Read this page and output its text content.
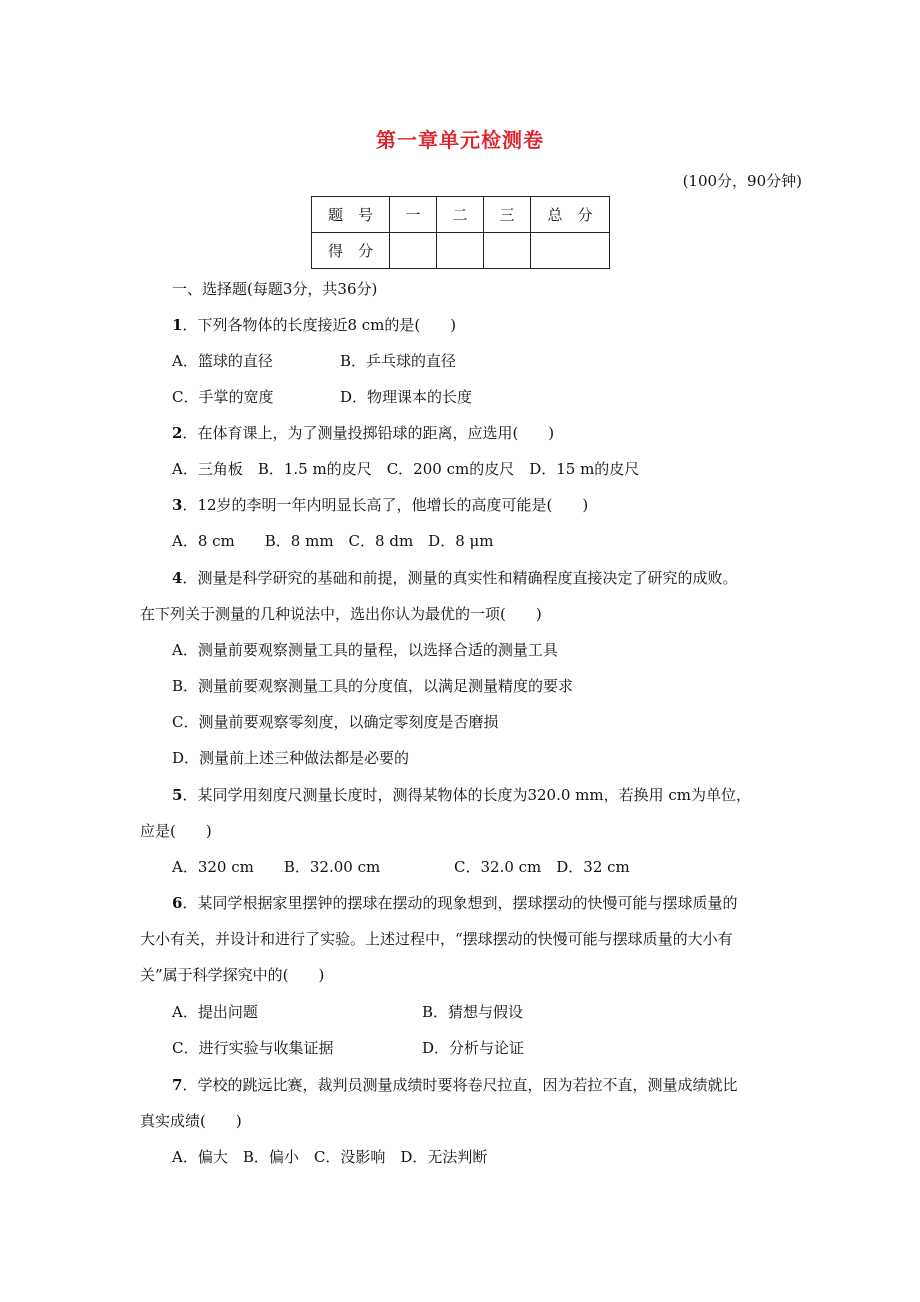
第一章单元检测卷
(100分，90分钟)
题　号	一	二	三	总　分
得　分				
一、选择题(每题3分，共36分)
1．下列各物体的长度接近8 cm的是(　　)
A．篮球的直径	B．乒乓球的直径
C．手掌的宽度	D．物理课本的长度
2．在体育课上，为了测量投掷铅球的距离，应选用(　　)
A．三角板　B．1.5 m的皮尺　C．200 cm的皮尺　D．15 m的皮尺
3．12岁的李明一年内明显长高了，他增长的高度可能是(　　)
A．8 cm　　B．8 mm　C．8 dm　D．8 μm
4．测量是科学研究的基础和前提，测量的真实性和精确程度直接决定了研究的成败。
在下列关于测量的几种说法中，选出你认为最优的一项(　　)
A．测量前要观察测量工具的量程，以选择合适的测量工具
B．测量前要观察测量工具的分度值，以满足测量精度的要求
C．测量前要观察零刻度，以确定零刻度是否磨损
D．测量前上述三种做法都是必要的
5．某同学用刻度尺测量长度时，测得某物体的长度为320.0 mm，若换用 cm为单位，
应是(　　)
A．320 cm　　B．32.00 cm	C．32.0 cm　D．32 cm
6．某同学根据家里摆钟的摆球在摆动的现象想到，摆球摆动的快慢可能与摆球质量的
大小有关，并设计和进行了实验。上述过程中，“摆球摆动的快慢可能与摆球质量的大小有
关”属于科学探究中的(　　)
A．提出问题	B．猜想与假设
C．进行实验与收集证据	D．分析与论证
7．学校的跳远比赛，裁判员测量成绩时要将卷尺拉直，因为若拉不直，测量成绩就比
真实成绩(　　)
A．偏大　B．偏小　C．没影响　D．无法判断
